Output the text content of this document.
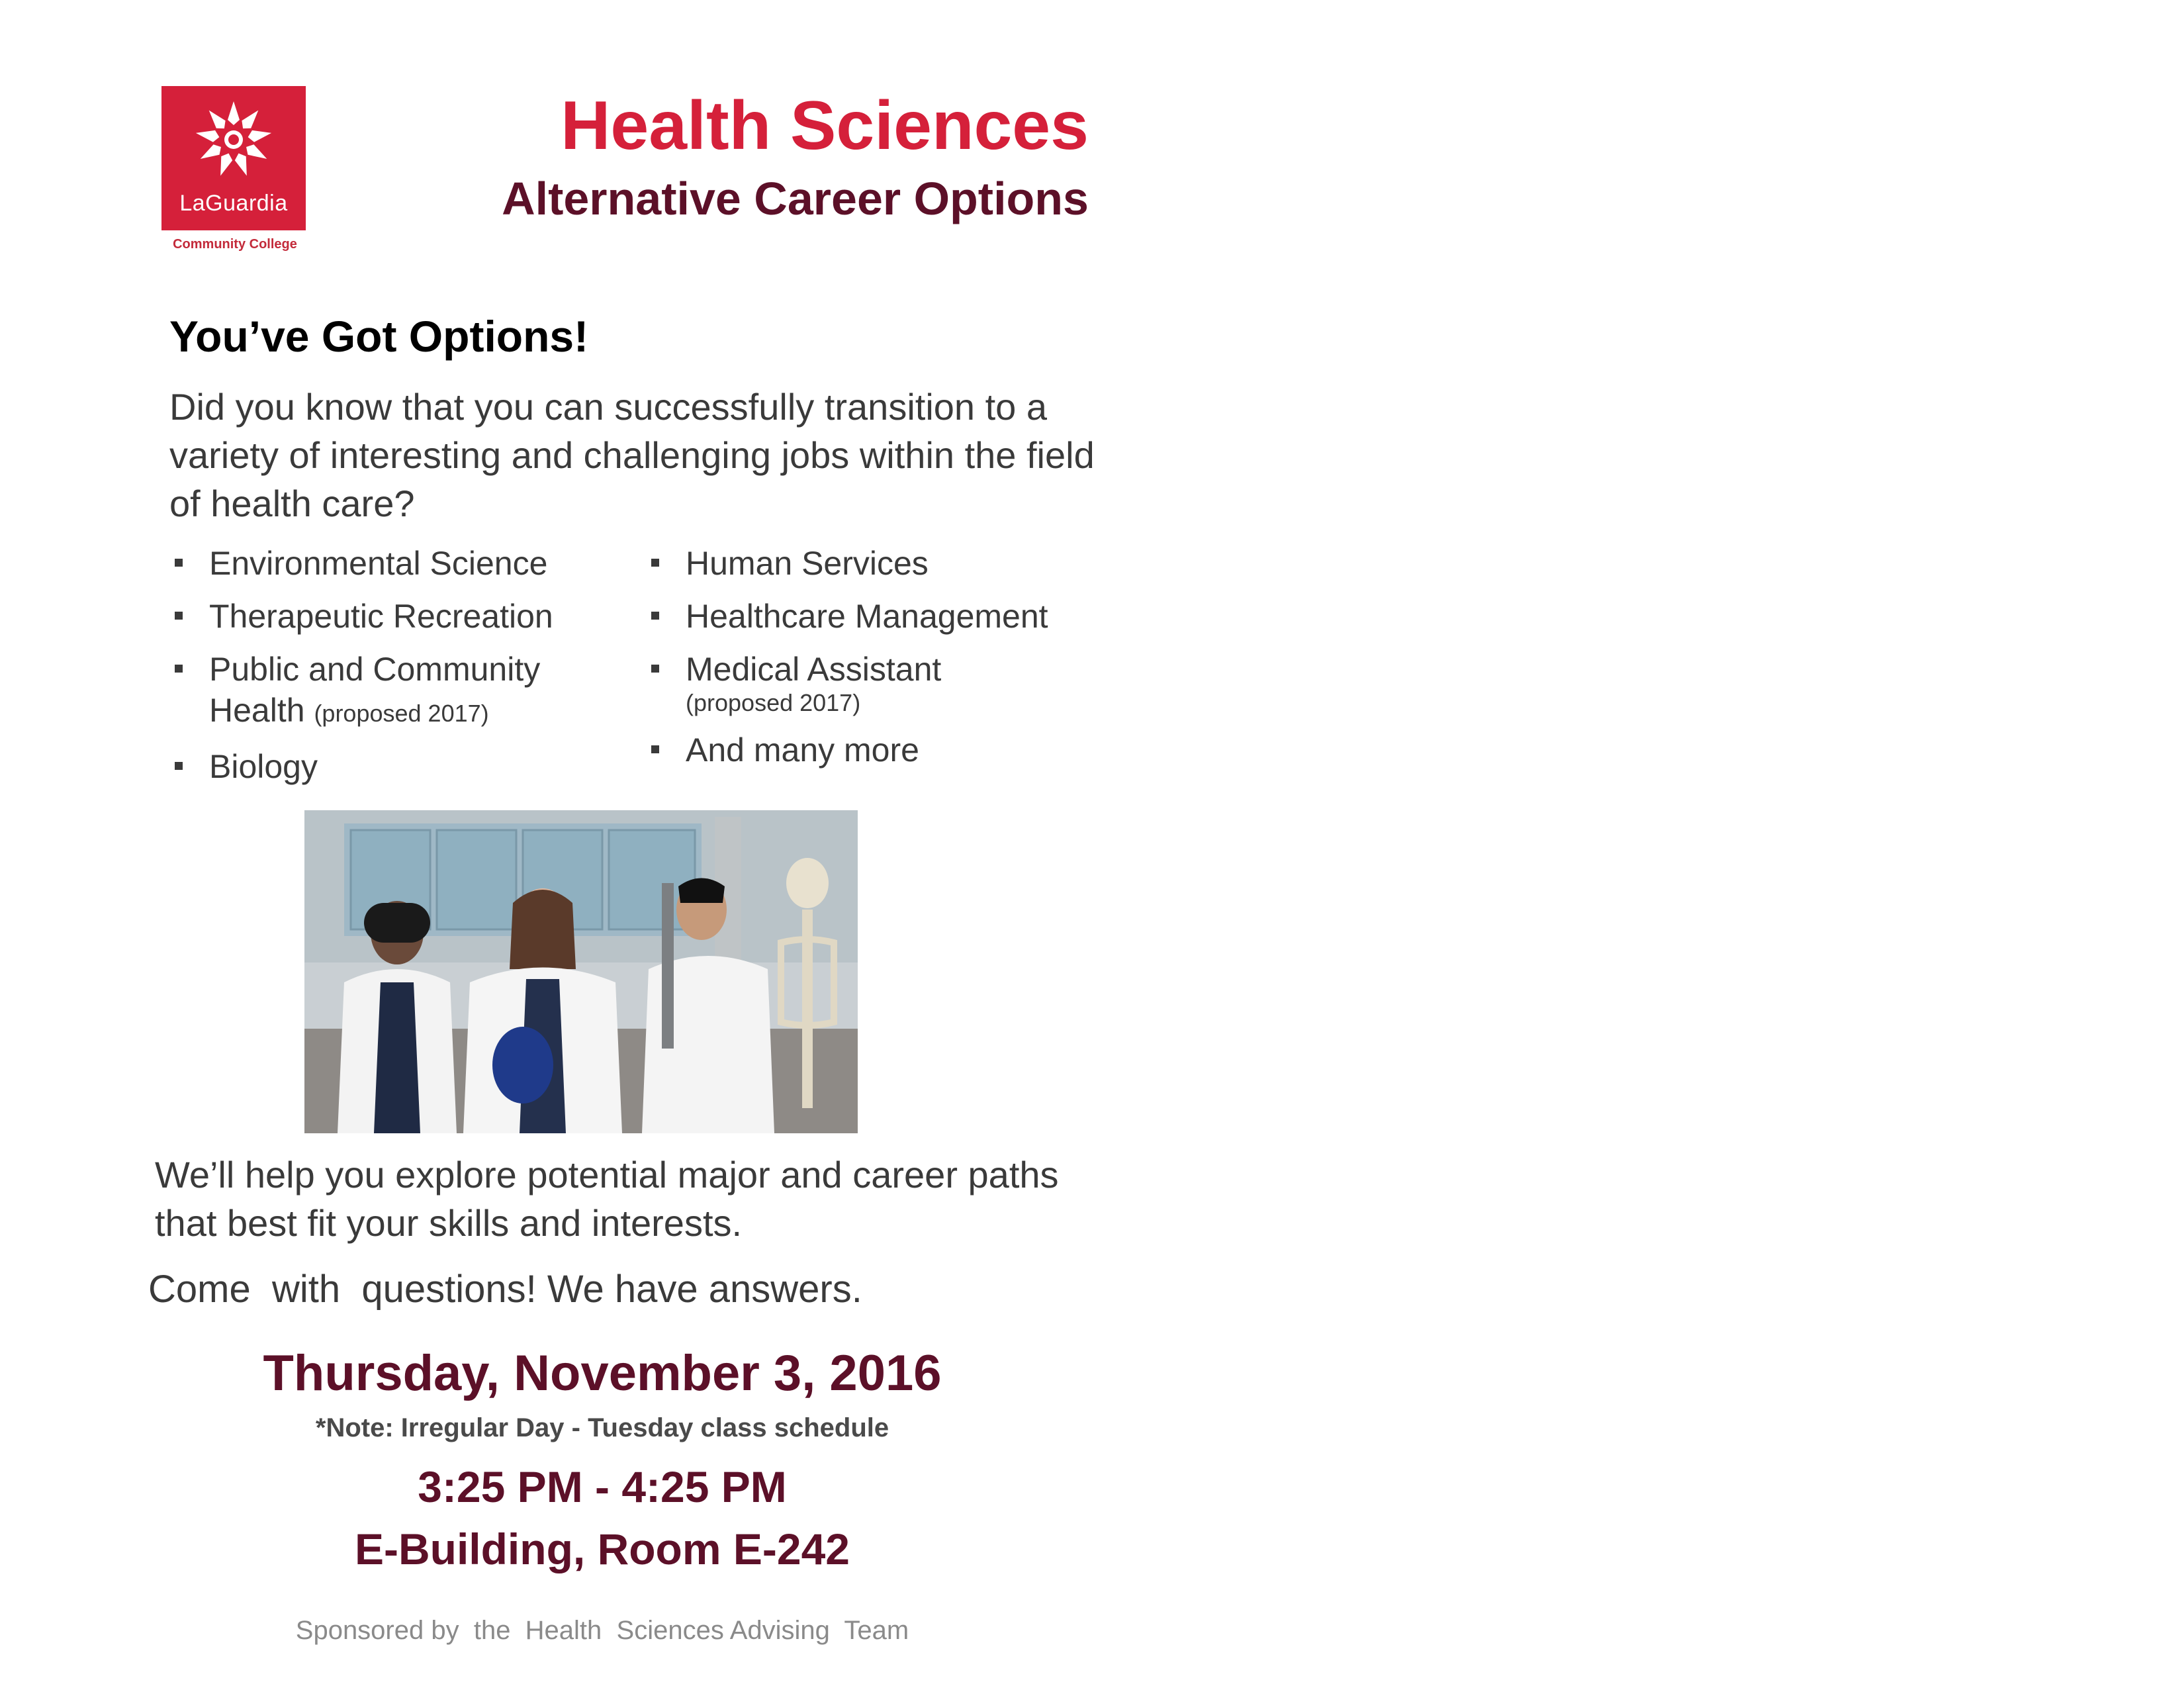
LaGuardia
Community College
Health Sciences
Alternative Career Options
You’ve Got Options!
Did you know that you can successfully transition to a variety of interesting and challenging jobs within the field of health care?
Environmental Science
Therapeutic Recreation
Public and Community Health (proposed 2017)
Biology
Human Services
Healthcare Management
Medical Assistant
(proposed 2017)
And many more
We’ll help you explore potential major and career paths that best fit your skills and interests.
Come  with  questions! We have answers.
Thursday, November 3, 2016
*Note: Irregular Day - Tuesday class schedule
3:25 PM - 4:25 PM
E-Building, Room E-242
Sponsored by  the  Health  Sciences Advising  Team
